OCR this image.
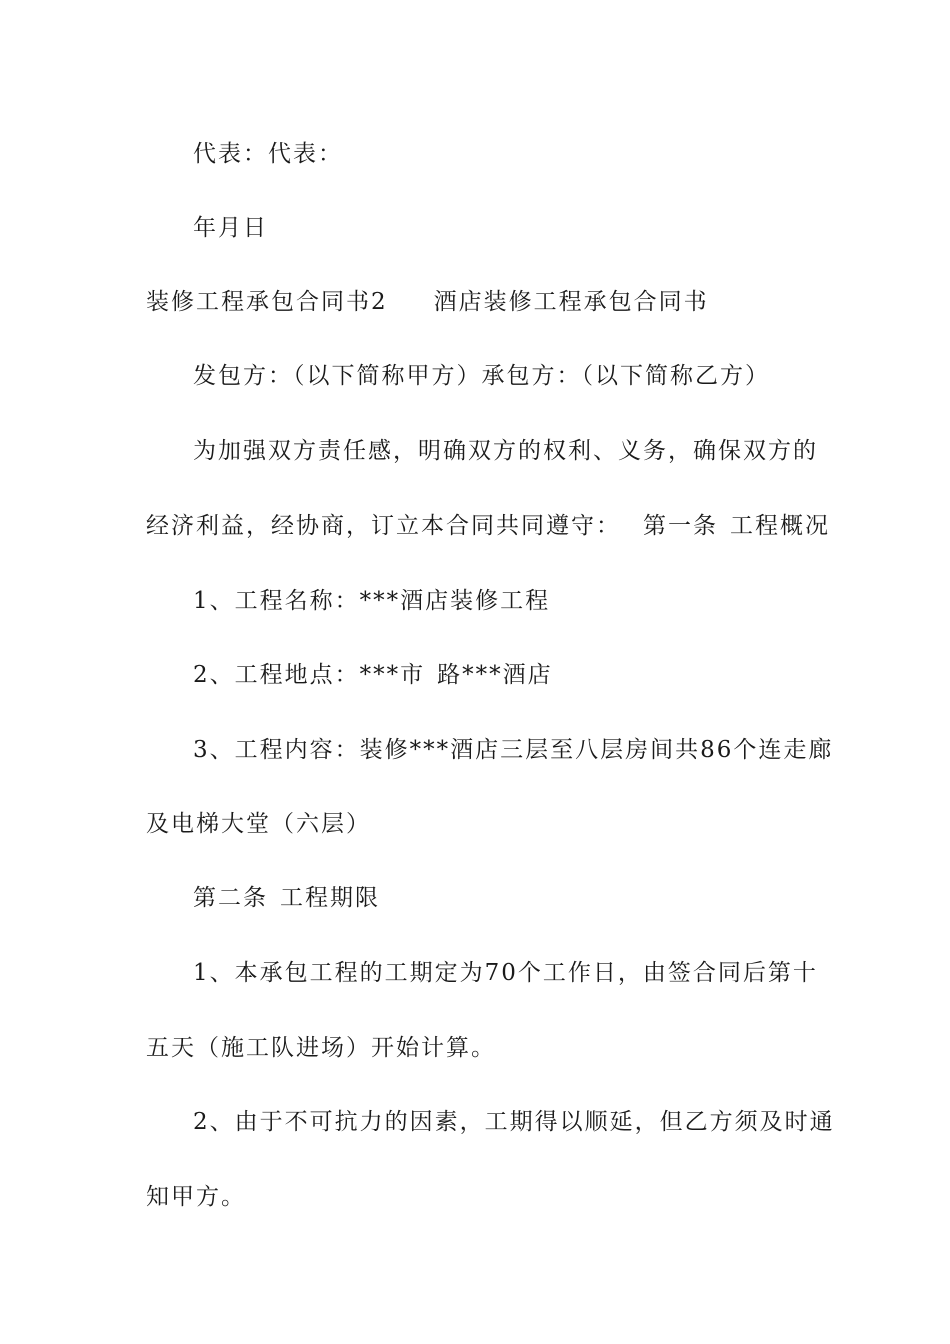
代表：代表：
年月日
装修工程承包合同书2 酒店装修工程承包合同书
发包方：（以下简称甲方）承包方：（以下简称乙方）
为加强双方责任感，明确双方的权利、义务，确保双方的
经济利益，经协商，订立本合同共同遵守： 第一条 工程概况
1、工程名称：***酒店装修工程
2、工程地点：***市 路***酒店
3、工程内容：装修***酒店三层至八层房间共86个连走廊
及电梯大堂（六层）
第二条 工程期限
1、本承包工程的工期定为70个工作日，由签合同后第十
五天（施工队进场）开始计算。
2、由于不可抗力的因素，工期得以顺延，但乙方须及时通
知甲方。
